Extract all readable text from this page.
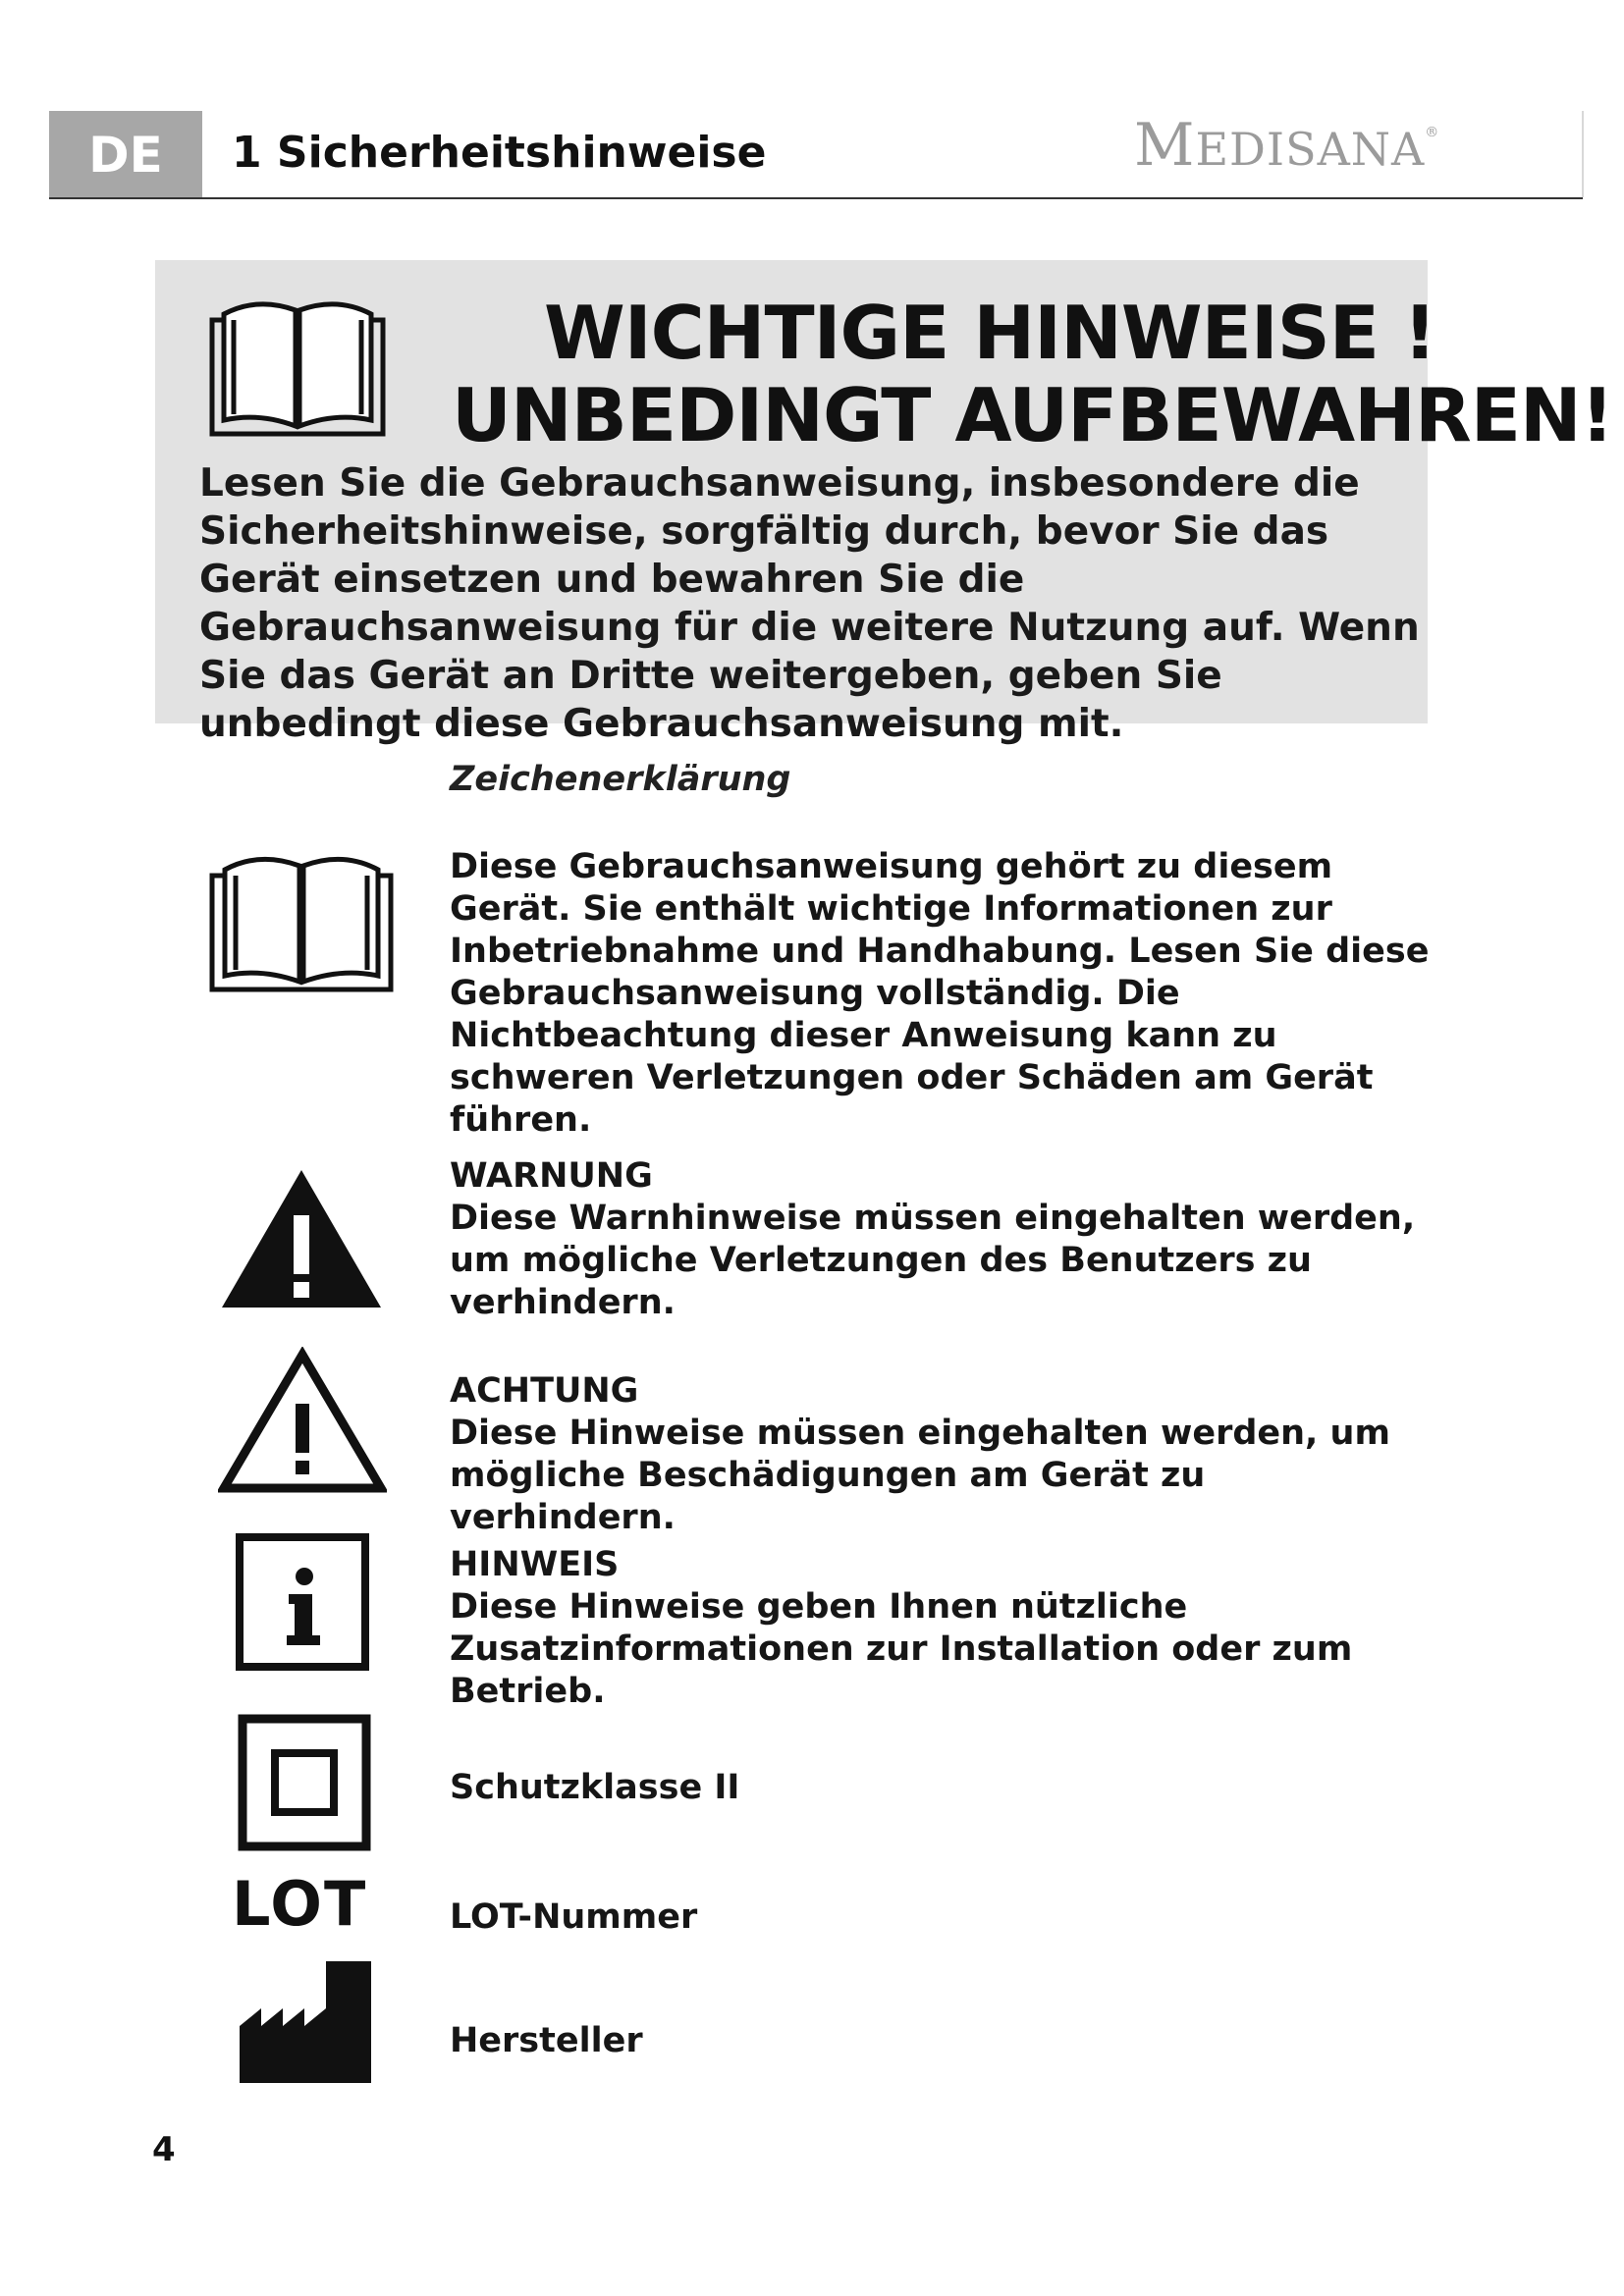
DE 1 Sicherheitshinweise	MEDISANA®
WICHTIGE HINWEISE !
UNBEDINGT AUFBEWAHREN!
Lesen Sie die Gebrauchsanweisung, insbesondere die Sicherheitshinweise, sorgfältig durch, bevor Sie das Gerät einsetzen und bewahren Sie die Gebrauchsanweisung für die weitere Nutzung auf. Wenn Sie das Gerät an Dritte weitergeben, geben Sie unbedingt diese Gebrauchsanweisung mit.
Zeichenerklärung
Diese Gebrauchsanweisung gehört zu diesem Gerät. Sie enthält wichtige Informationen zur Inbetriebnahme und Handhabung. Lesen Sie diese Gebrauchsanweisung vollständig. Die Nichtbeachtung dieser Anweisung kann zu schweren Verletzungen oder Schäden am Gerät führen.
WARNUNG
Diese Warnhinweise müssen eingehalten werden, um mögliche Verletzungen des Benutzers zu verhindern.
ACHTUNG
Diese Hinweise müssen eingehalten werden, um mögliche Beschädigungen am Gerät zu verhindern.
HINWEIS
Diese Hinweise geben Ihnen nützliche Zusatzinformationen zur Installation oder zum Betrieb.
Schutzklasse II
LOT LOT-Nummer
Hersteller
4
